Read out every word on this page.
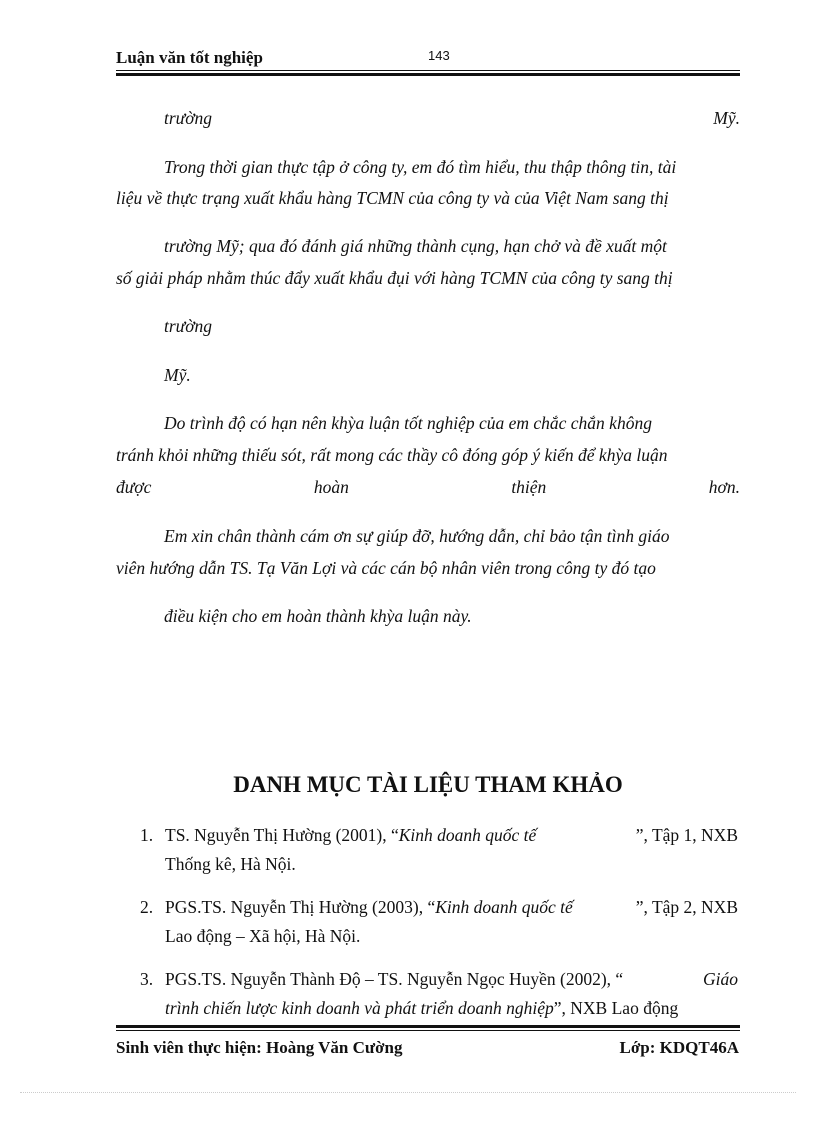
Luận văn tốt nghiệp	143
trường	Mỹ.
Trong thời gian thực tập ở công ty, em đó tìm hiểu, thu thập thông tin, tài
liệu về thực trạng xuất khẩu hàng TCMN của công ty và của Việt Nam sang thị
trường Mỹ; qua đó đánh giá những thành cụng, hạn chở và đề xuất một
số giải pháp nhằm thúc đẩy xuất khẩu đụi với hàng TCMN của công ty sang thị
trường
Mỹ.
Do trình độ có hạn nên khỳa luận tốt nghiệp của em chắc chắn không
tránh khỏi những thiếu sót, rất mong các thầy cô đóng góp ý kiến để khỳa luận
được	hoàn	thiện	hơn.
Em xin chân thành cám ơn sự giúp đỡ, hướng dẫn, chỉ bảo tận tình giáo
viên hướng dẫn TS. Tạ Văn Lợi và các cán bộ nhân viên trong công ty đó tạo
điều kiện cho em hoàn thành khỳa luận này.
DANH MỤC TÀI LIỆU THAM KHẢO
1. TS. Nguyễn Thị Hường (2001), “ Kinh doanh quốc tế	”, Tập 1, NXB
Thống kê, Hà Nội.
2. PGS.TS. Nguyễn Thị Hường (2003), “ Kinh doanh quốc tế	”, Tập 2, NXB
Lao động – Xã hội, Hà Nội.
3. PGS.TS. Nguyễn Thành Độ – TS. Nguyễn Ngọc Huyền (2002), “	Giáo
trình chiến lược kinh doanh và phát triển doanh nghiệp”, NXB Lao động
Sinh viên thực hiện: Hoàng Văn Cường	Lớp: KDQT46A
